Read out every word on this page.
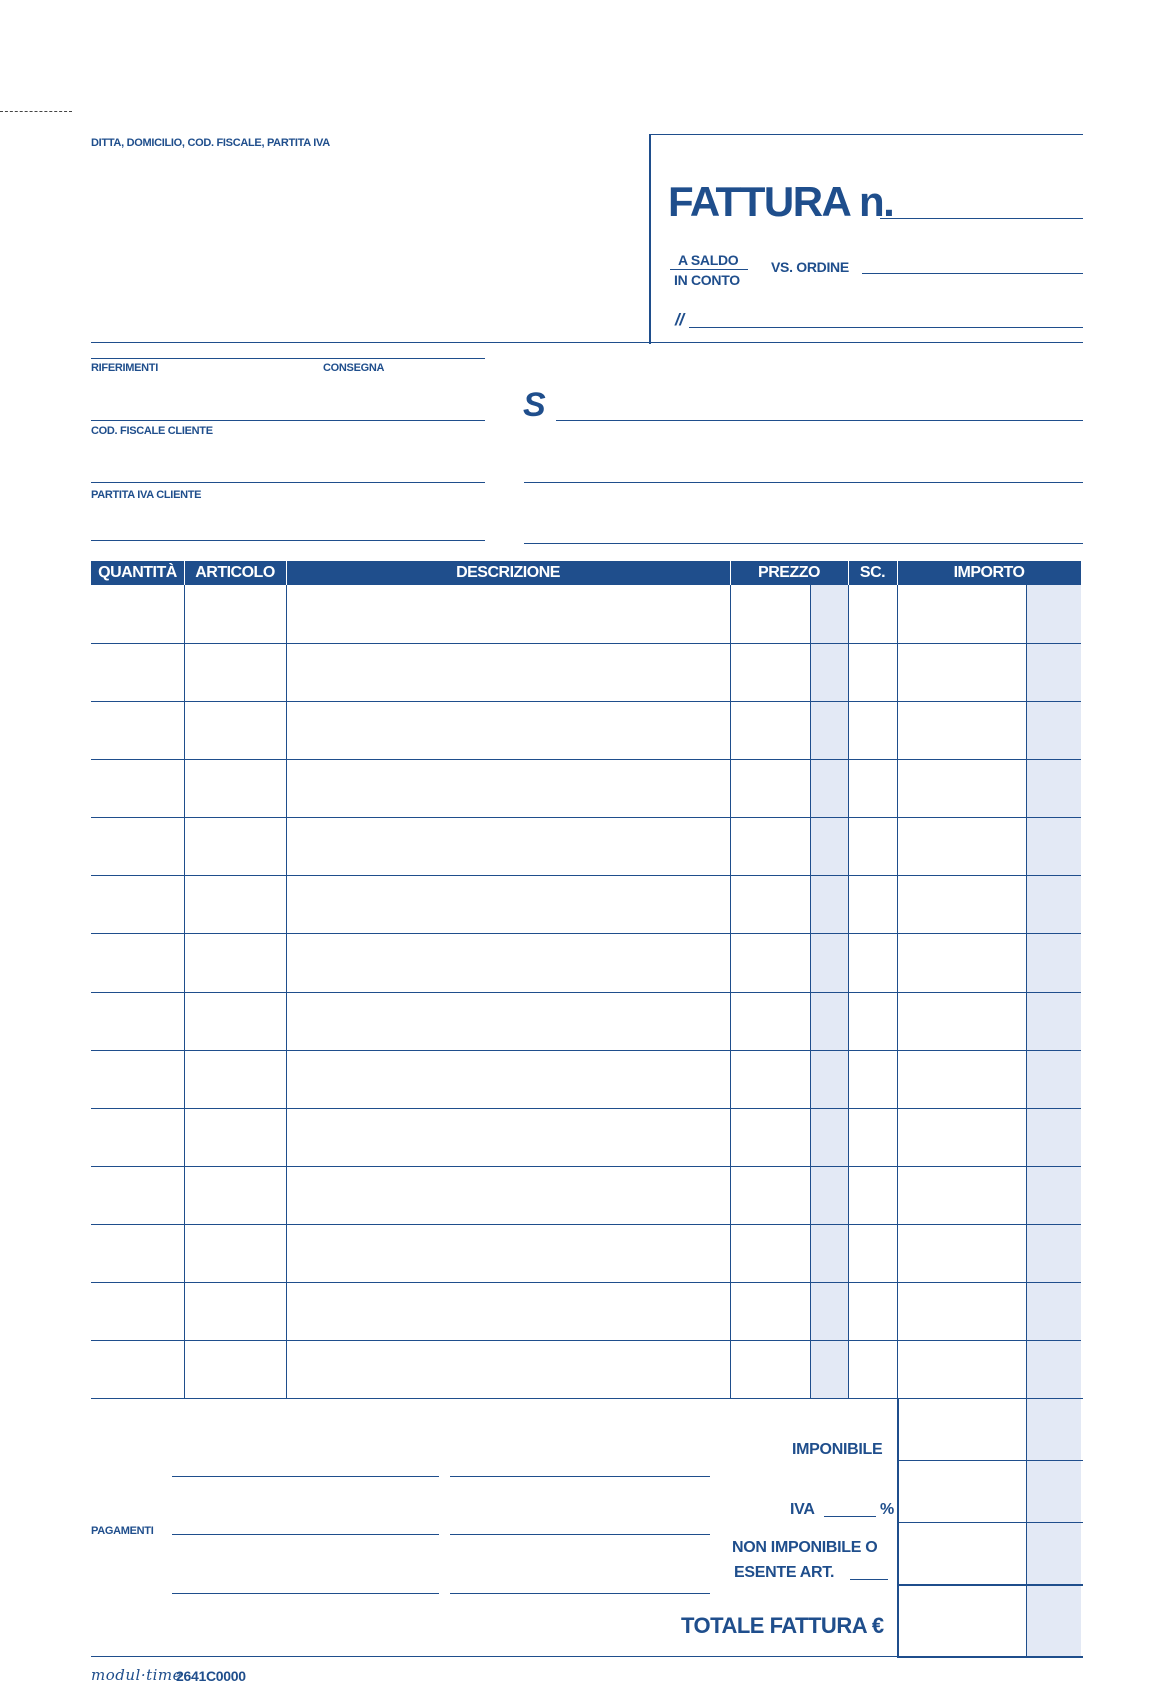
DITTA, DOMICILIO, COD. FISCALE, PARTITA IVA
FATTURA n.
A SALDO
IN CONTO
VS. ORDINE
//
RIFERIMENTI	CONSEGNA
COD. FISCALE CLIENTE
PARTITA IVA CLIENTE
S
QUANTITÀ	ARTICOLO	DESCRIZIONE	PREZZO	SC.	IMPORTO
IMPONIBILE
IVA	%
NON IMPONIBILE O
ESENTE ART.
TOTALE FATTURA €
PAGAMENTI
modul·time
2641C0000
